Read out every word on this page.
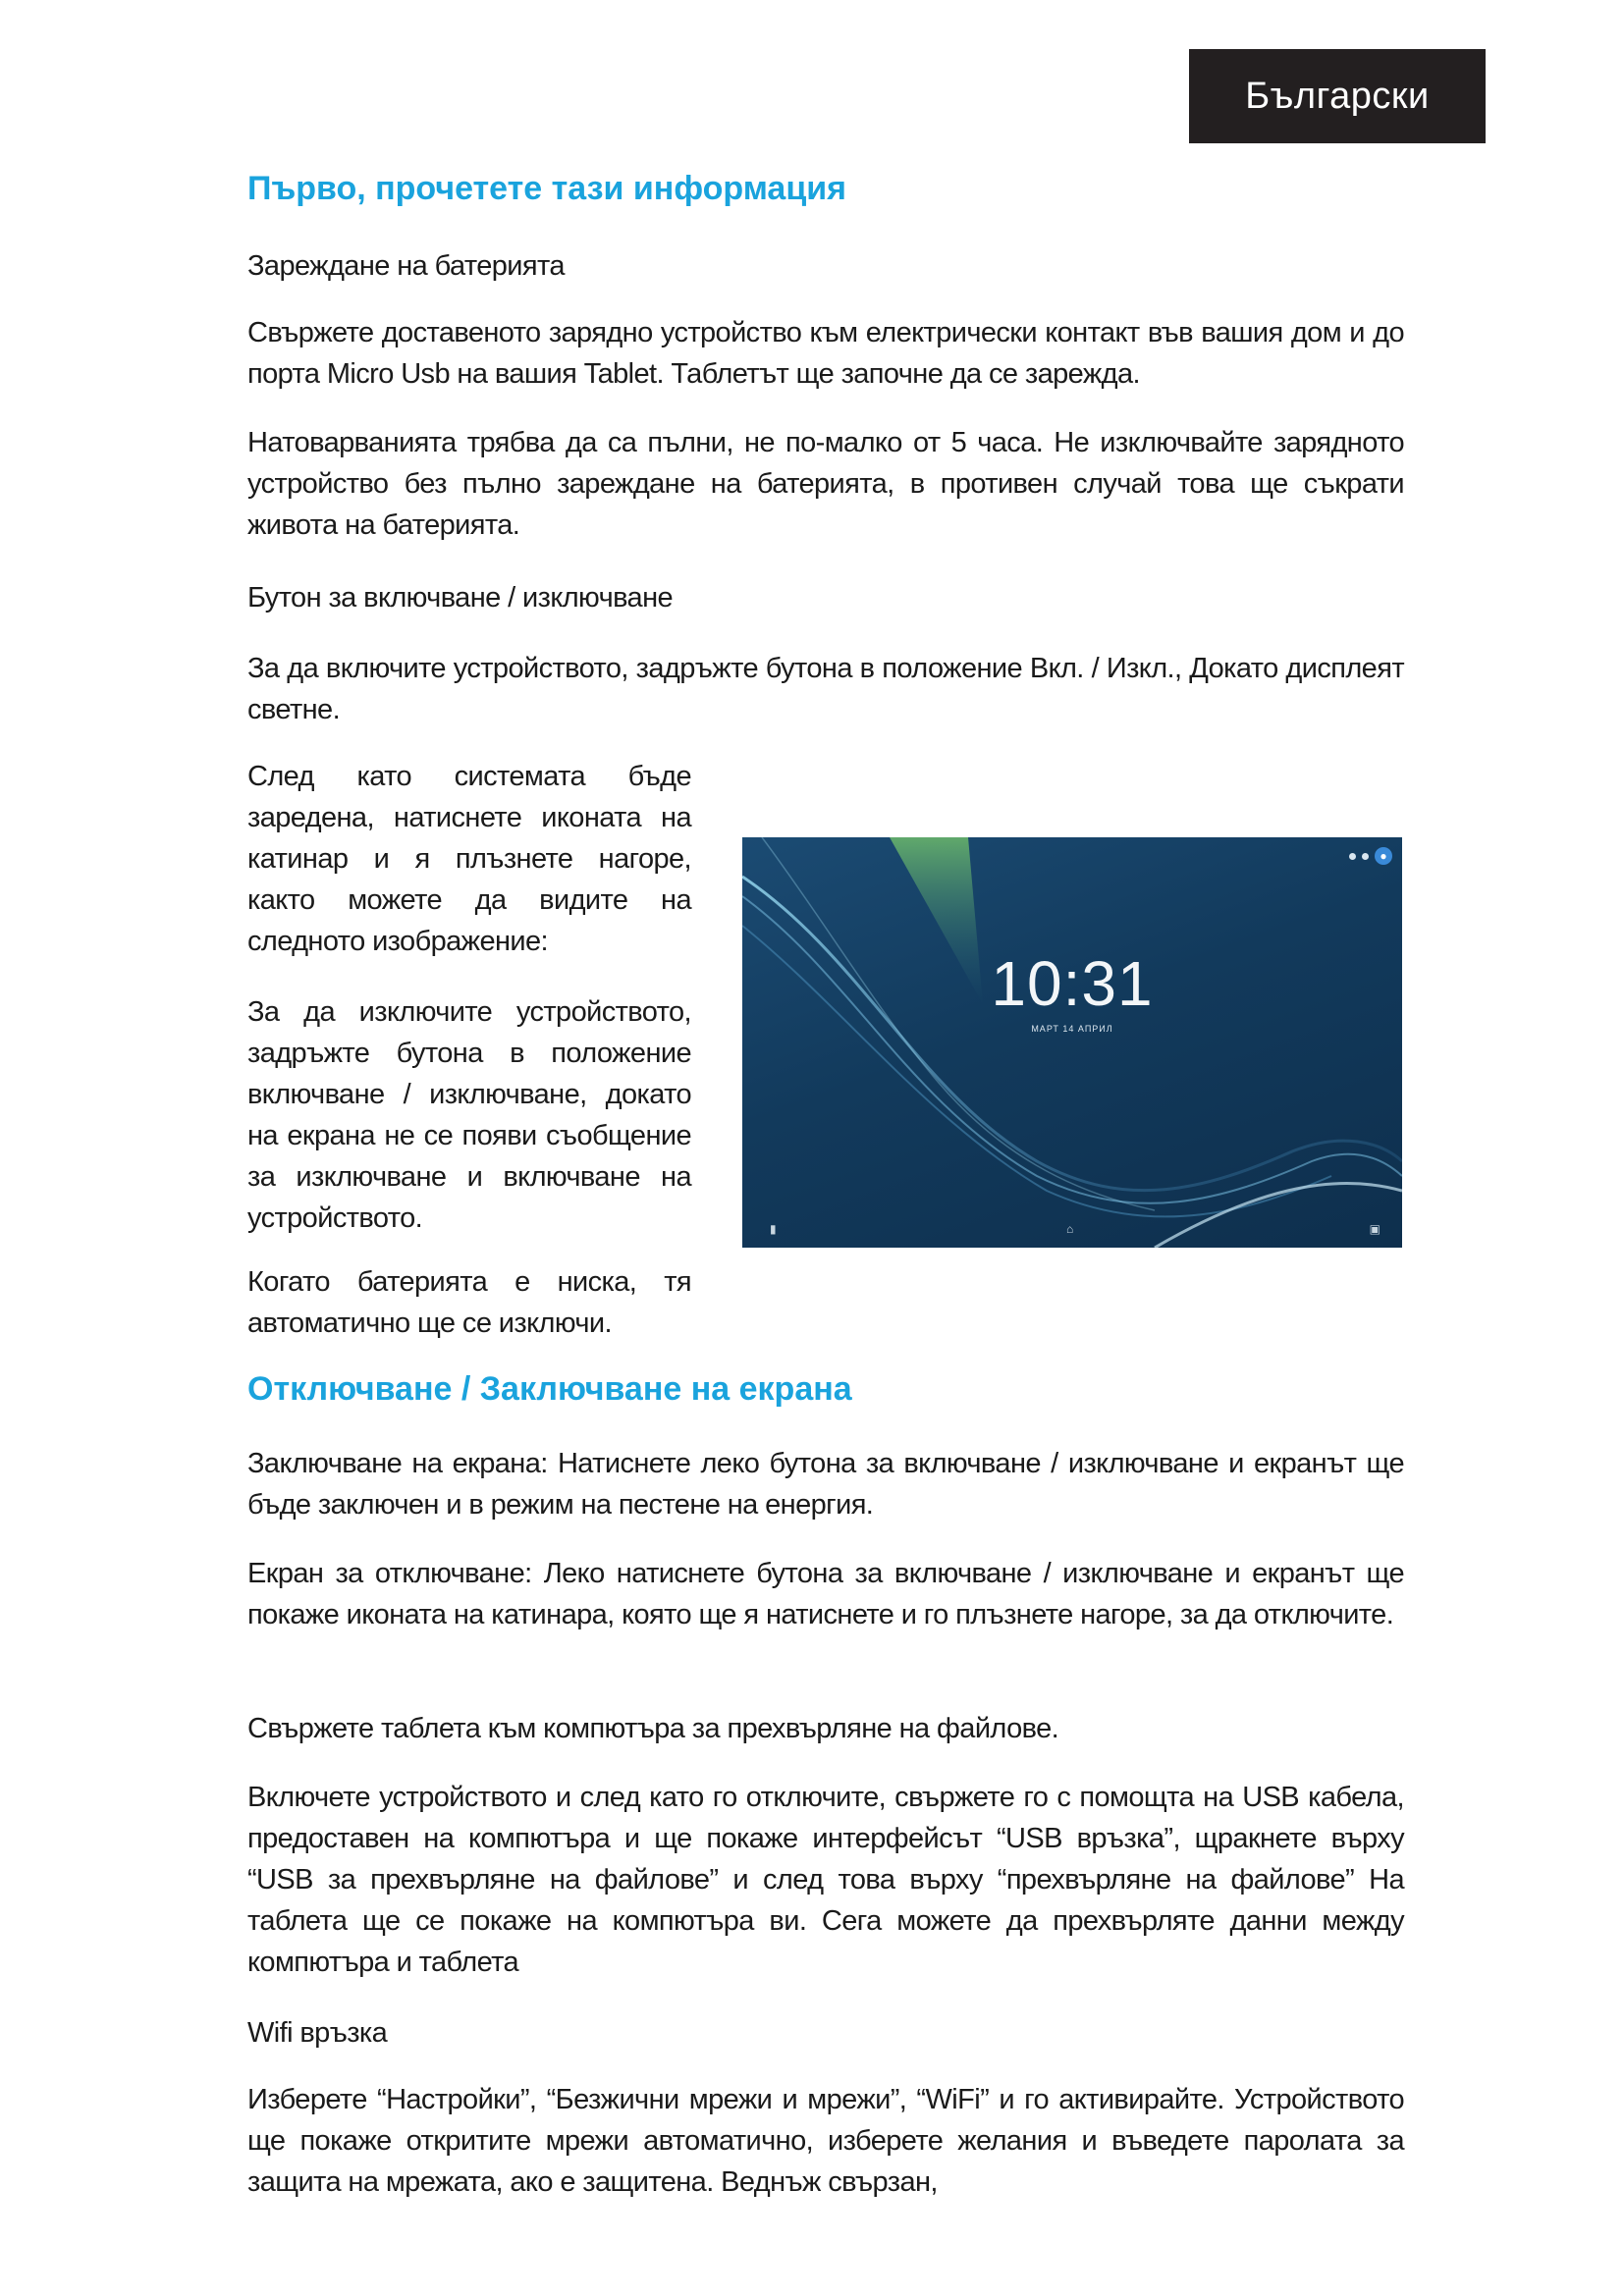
Български
Първо, прочетете тази информация

Зареждане на батерията

Свържете доставеното зарядно устройство към електрически контакт във вашия дом и до порта Micro Usb на вашия Tablet. Таблетът ще започне да се зарежда.

Натоварванията трябва да са пълни, не по-малко от 5 часа. Не изключвайте зарядното устройство без пълно зареждане на батерията, в противен случай това ще съкрати живота на батерията.

Бутон за включване / изключване

За да включите устройството, задръжте бутона в положение Вкл. / Изкл., Докато дисплеят светне.

След като системата бъде заредена, натиснете иконата на катинар и я плъзнете нагоре, както можете да видите на следното изображение:

За да изключите устройството, задръжте бутона в положение включване / изключване, докато на екрана не се появи съобщение за изключване и включване на устройството.

Когато батерията е ниска, тя автоматично ще се изключи.

Отключване / Заключване на екрана

Заключване на екрана: Натиснете леко бутона за включване / изключване и екранът ще бъде заключен и в режим на пестене на енергия.

Екран за отключване: Леко натиснете бутона за включване / изключване и екранът ще покаже иконата на катинара, която ще я натиснете и го плъзнете нагоре, за да отключите.

Свържете таблета към компютъра за прехвърляне на файлове.

Включете устройството и след като го отключите, свържете го с помощта на USB кабела, предоставен на компютъра и ще покаже интерфейсът “USB връзка”, щракнете върху “USB за прехвърляне на файлове” и след това върху “прехвърляне на файлове” На таблета ще се покаже на компютъра ви. Сега можете да прехвърляте данни между компютъра и таблета

Wifi връзка

Изберете “Настройки”, “Безжични мрежи и мрежи”, “WiFi” и го активирайте. Устройството ще покаже откритите мрежи автоматично, изберете желания и въведете паролата за защита на мрежата, ако е защитена. Веднъж свързан,

●
10:31
МАРТ 14 АПРИЛ
▮	⌂	▣
